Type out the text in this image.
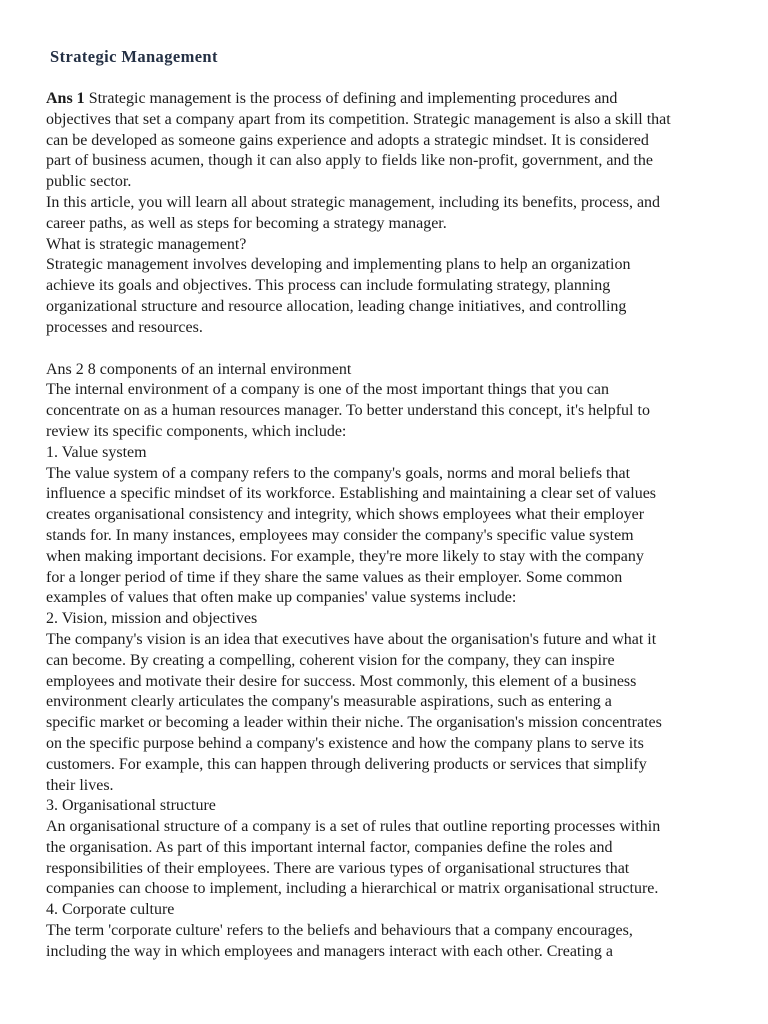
Strategic Management
Ans 1 Strategic management is the process of defining and implementing procedures and
objectives that set a company apart from its competition. Strategic management is also a skill that
can be developed as someone gains experience and adopts a strategic mindset. It is considered
part of business acumen, though it can also apply to fields like non-profit, government, and the
public sector.
In this article, you will learn all about strategic management, including its benefits, process, and
career paths, as well as steps for becoming a strategy manager.
What is strategic management?
Strategic management involves developing and implementing plans to help an organization
achieve its goals and objectives. This process can include formulating strategy, planning
organizational structure and resource allocation, leading change initiatives, and controlling
processes and resources.
Ans 2 8 components of an internal environment
The internal environment of a company is one of the most important things that you can
concentrate on as a human resources manager. To better understand this concept, it's helpful to
review its specific components, which include:
1. Value system
The value system of a company refers to the company's goals, norms and moral beliefs that
influence a specific mindset of its workforce. Establishing and maintaining a clear set of values
creates organisational consistency and integrity, which shows employees what their employer
stands for. In many instances, employees may consider the company's specific value system
when making important decisions. For example, they're more likely to stay with the company
for a longer period of time if they share the same values as their employer. Some common
examples of values that often make up companies' value systems include:
2. Vision, mission and objectives
The company's vision is an idea that executives have about the organisation's future and what it
can become. By creating a compelling, coherent vision for the company, they can inspire
employees and motivate their desire for success. Most commonly, this element of a business
environment clearly articulates the company's measurable aspirations, such as entering a
specific market or becoming a leader within their niche. The organisation's mission concentrates
on the specific purpose behind a company's existence and how the company plans to serve its
customers. For example, this can happen through delivering products or services that simplify
their lives.
3. Organisational structure
An organisational structure of a company is a set of rules that outline reporting processes within
the organisation. As part of this important internal factor, companies define the roles and
responsibilities of their employees. There are various types of organisational structures that
companies can choose to implement, including a hierarchical or matrix organisational structure.
4. Corporate culture
The term 'corporate culture' refers to the beliefs and behaviours that a company encourages,
including the way in which employees and managers interact with each other. Creating a
